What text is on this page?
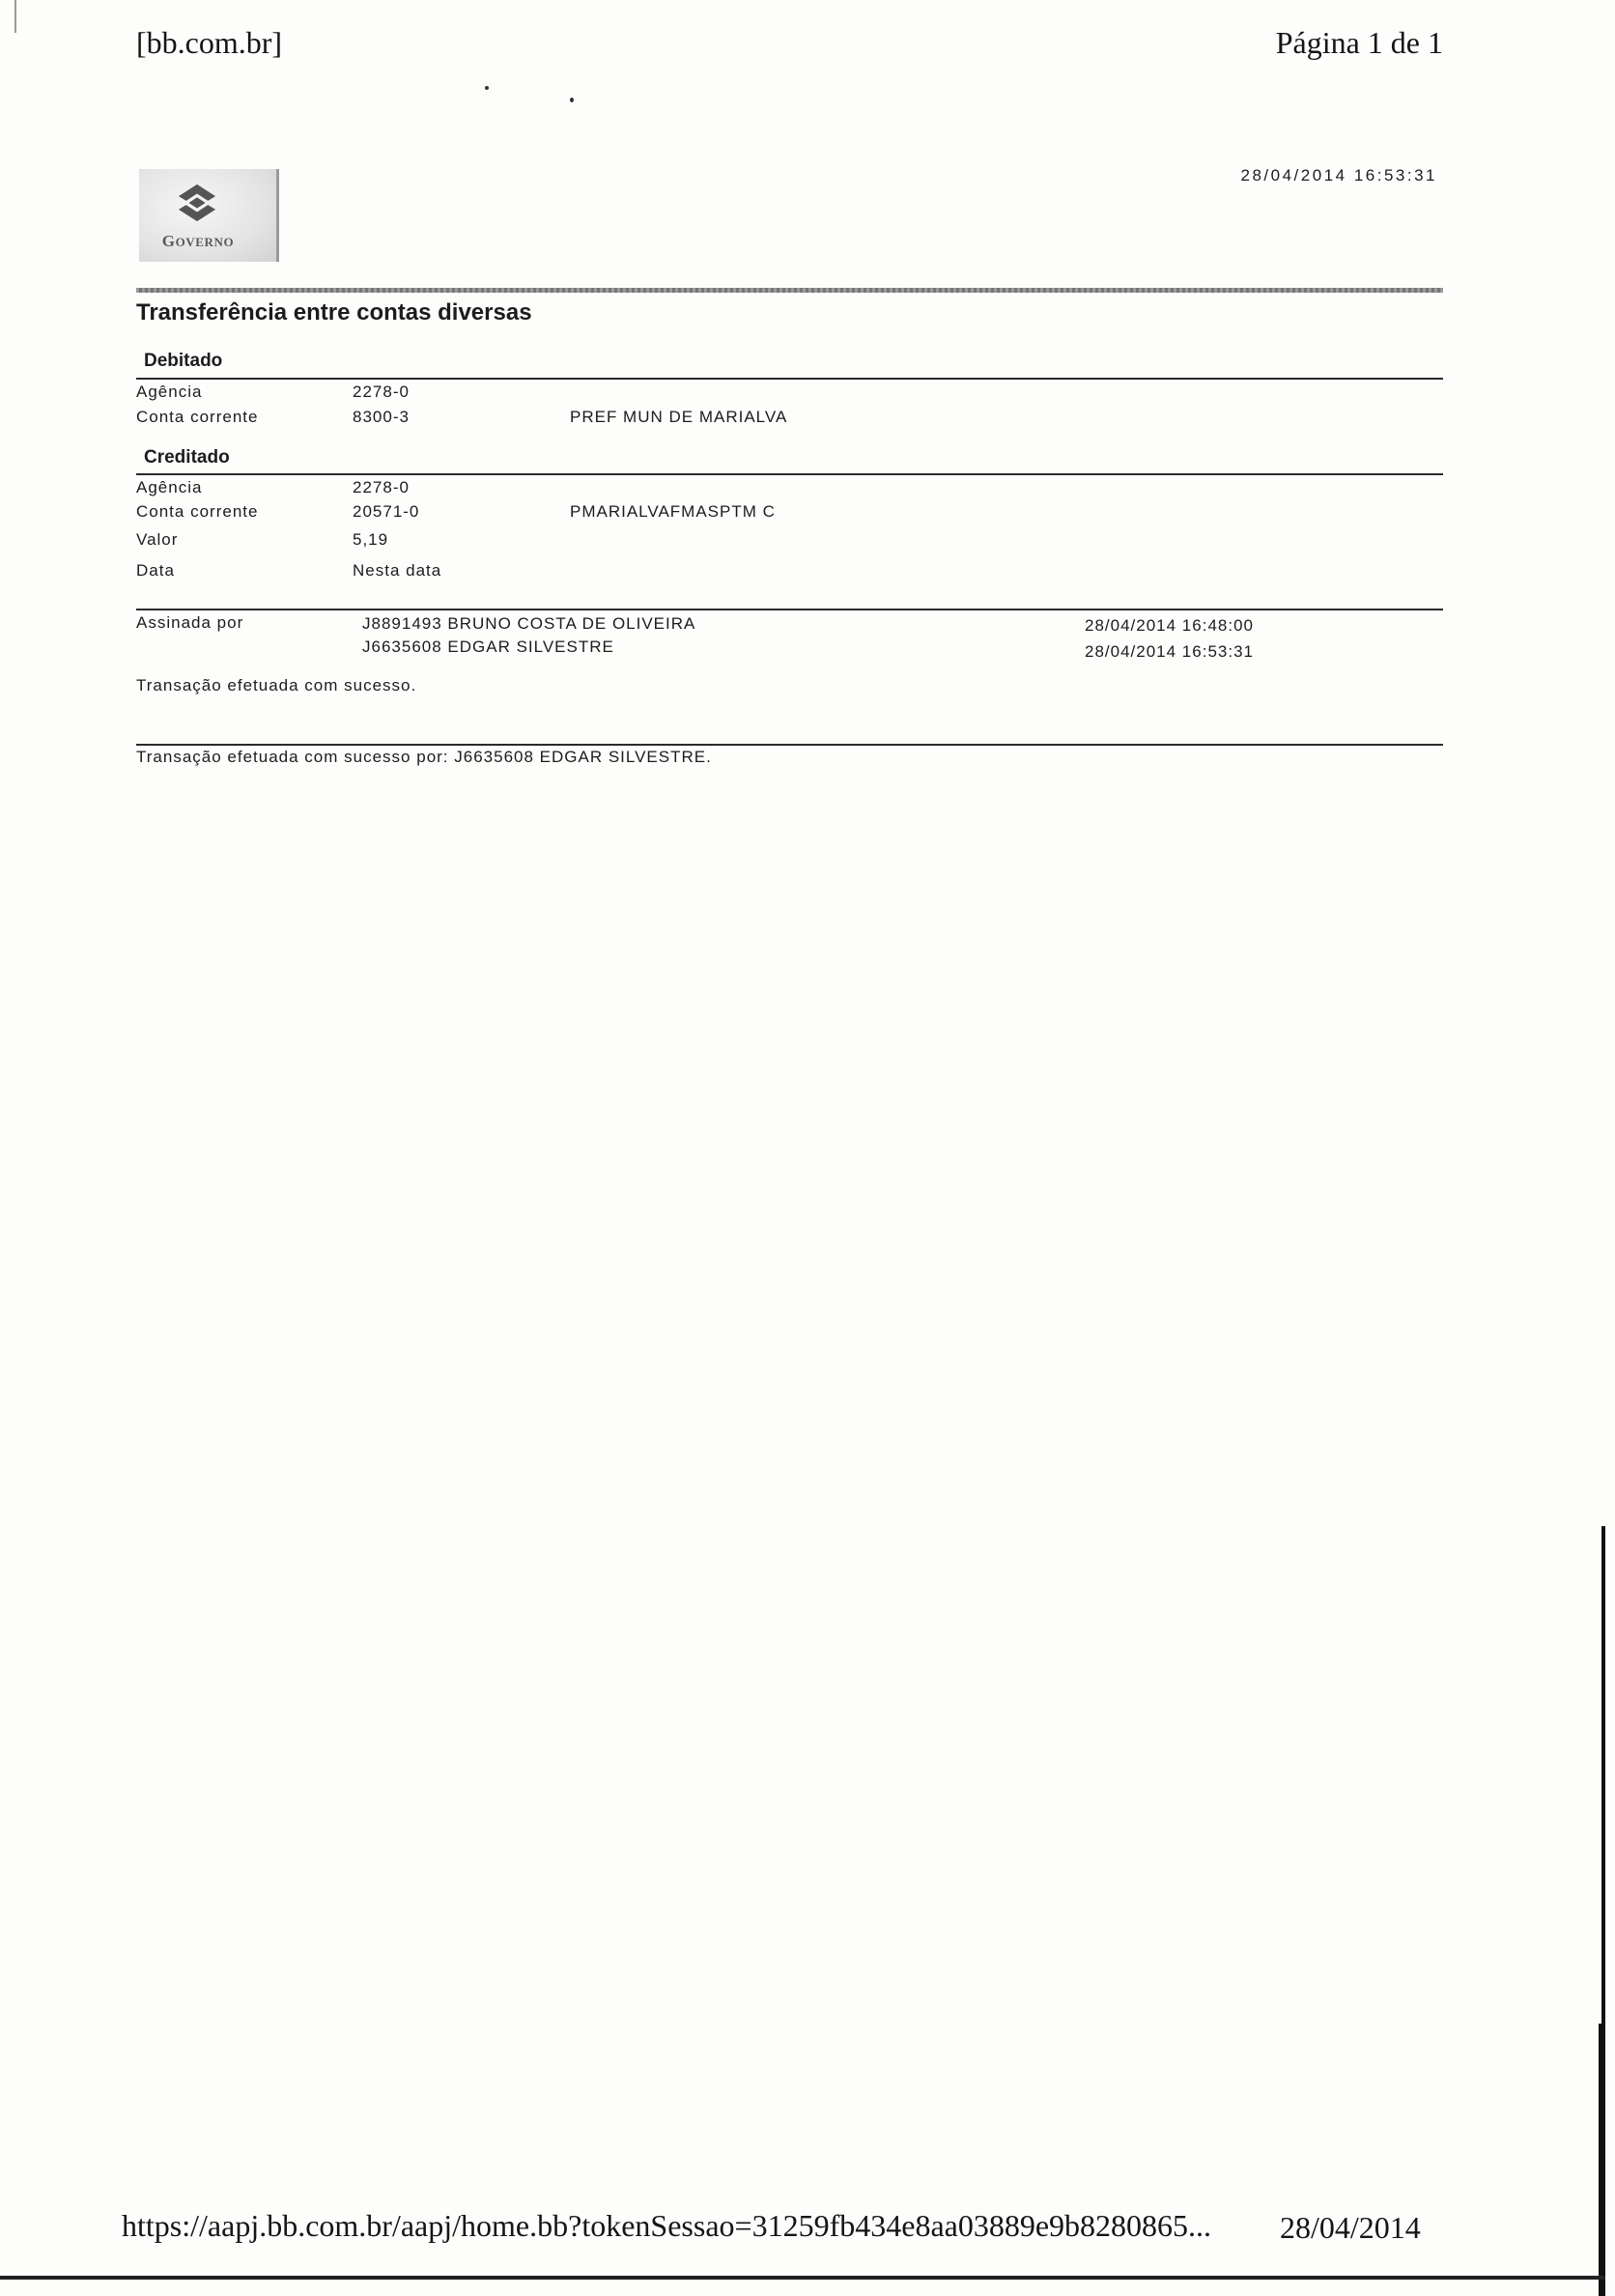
[bb.com.br]	Página 1 de 1
GOVERNO
28/04/2014 16:53:31
Transferência entre contas diversas
Debitado
Agência	2278-0
Conta corrente	8300-3	PREF MUN DE MARIALVA
Creditado
Agência	2278-0
Conta corrente	20571-0	PMARIALVAFMASPTM C
Valor	5,19
Data	Nesta data
Assinada por	J8891493 BRUNO COSTA DE OLIVEIRA	28/04/2014 16:48:00
J6635608 EDGAR SILVESTRE	28/04/2014 16:53:31
Transação efetuada com sucesso.
Transação efetuada com sucesso por: J6635608 EDGAR SILVESTRE.
https://aapj.bb.com.br/aapj/home.bb?tokenSessao=31259fb434e8aa03889e9b8280865... 28/04/2014
